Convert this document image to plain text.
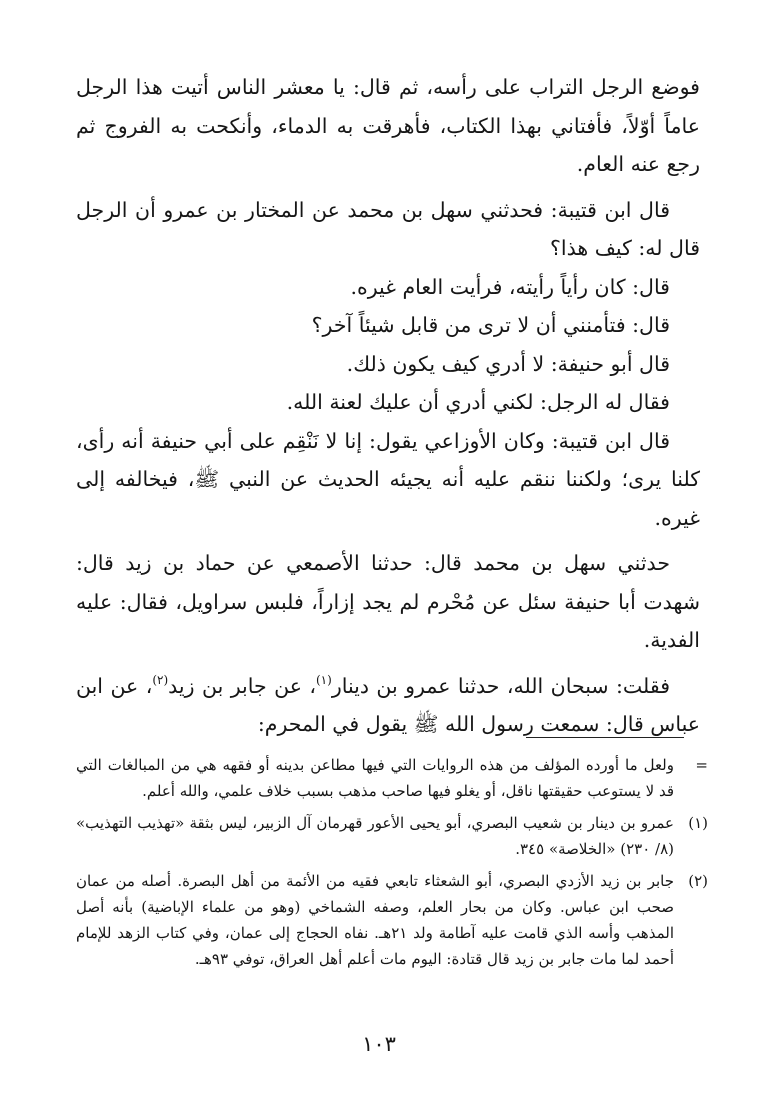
فوضع الرجل التراب على رأسه، ثم قال: يا معشر الناس أتيت هذا الرجل عاماً أوّلاً، فأفتاني بهذا الكتاب، فأهرقت به الدماء، وأنكحت به الفروج ثم رجع عنه العام.

قال ابن قتيبة: فحدثني سهل بن محمد عن المختار بن عمرو أن الرجل قال له: كيف هذا؟

قال: كان رأياً رأيته، فرأيت العام غيره.

قال: فتأمنني أن لا ترى من قابل شيئاً آخر؟

قال أبو حنيفة: لا أدري كيف يكون ذلك.

فقال له الرجل: لكني أدري أن عليك لعنة الله.

قال ابن قتيبة: وكان الأوزاعي يقول: إنا لا نَنْقِم على أبي حنيفة أنه رأى، كلنا يرى؛ ولكننا ننقم عليه أنه يجيئه الحديث عن النبي ﷺ، فيخالفه إلى غيره.

حدثني سهل بن محمد قال: حدثنا الأصمعي عن حماد بن زيد قال: شهدت أبا حنيفة سئل عن مُحْرم لم يجد إزاراً، فلبس سراويل، فقال: عليه الفدية.

فقلت: سبحان الله، حدثنا عمرو بن دينار$^{(١)}$، عن جابر بن زيد$^{(٢)}$، عن ابن عباس قال: سمعت رسول الله ﷺ يقول في المحرم:

=
ولعل ما أورده المؤلف من هذه الروايات التي فيها مطاعن بدينه أو فقهه هي من المبالغات التي قد لا يستوعب حقيقتها ناقل، أو يغلو فيها صاحب مذهب بسبب خلاف علمي، والله أعلم.
(١)
عمرو بن دينار بن شعيب البصري، أبو يحيى الأعور قهرمان آل الزبير، ليس بثقة «تهذيب التهذيب» (٨/ ٢٣٠) «الخلاصة» ٣٤٥.
(٢)
جابر بن زيد الأزدي البصري، أبو الشعثاء تابعي فقيه من الأئمة من أهل البصرة. أصله من عمان صحب ابن عباس. وكان من بحار العلم، وصفه الشماخي (وهو من علماء الإباضية) بأنه أصل المذهب وأسه الذي قامت عليه آطامة ولد ٢١هـ. نفاه الحجاج إلى عمان، وفي كتاب الزهد للإمام أحمد لما مات جابر بن زيد قال قتادة: اليوم مات أعلم أهل العراق، توفي ٩٣هـ.
١٠٣
